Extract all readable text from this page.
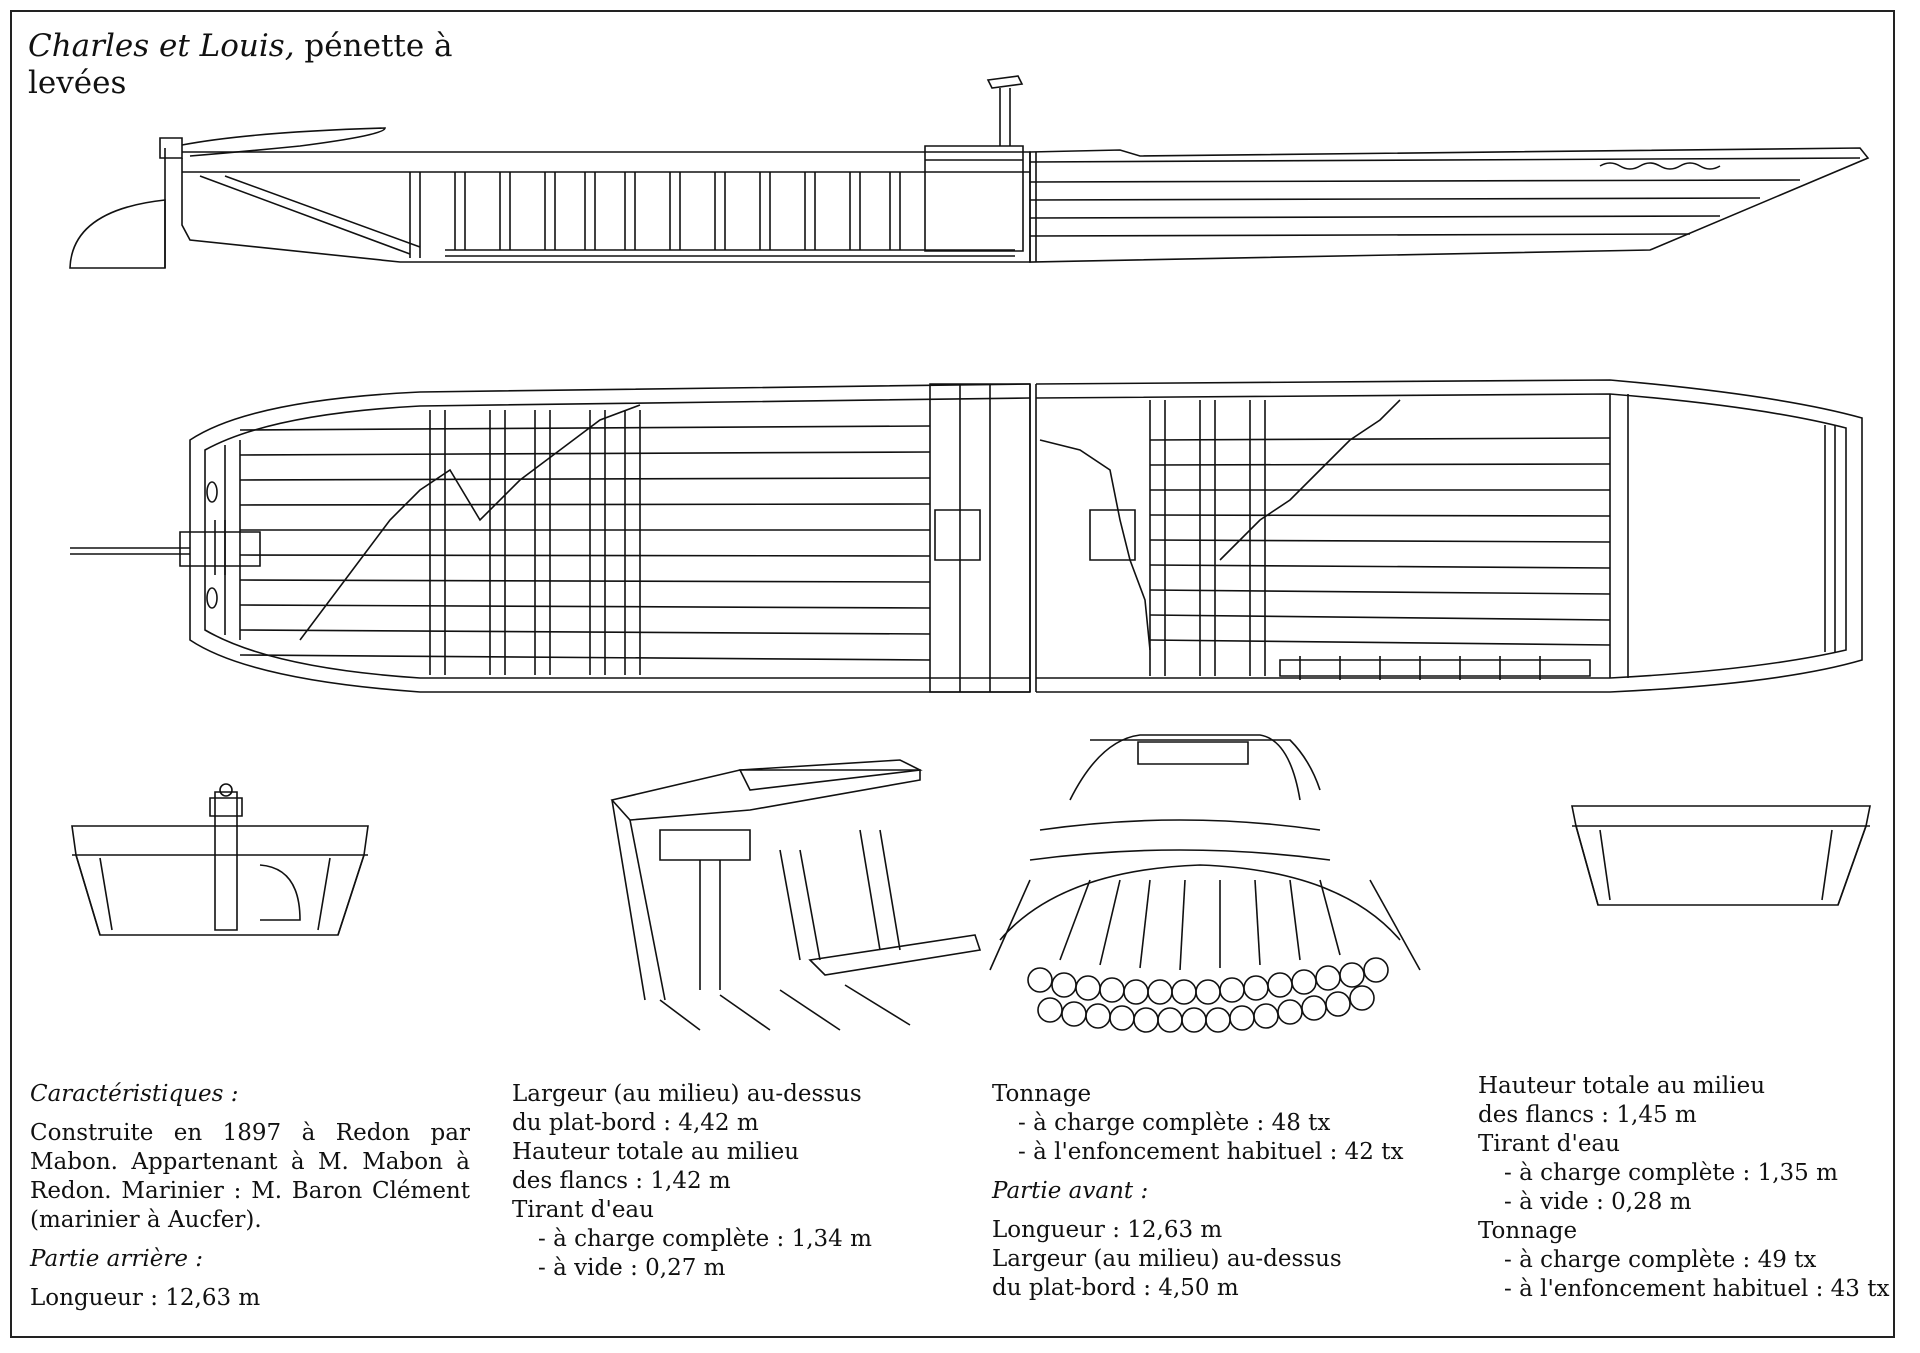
Charles et Louis, pénette à
levées

Caractéristiques :

Construite en 1897 à Redon par Mabon. Appartenant à M. Mabon à Redon. Marinier : M. Baron Clément (marinier à Aucfer).

Partie arrière :

Longueur : 12,63 m

Largeur (au milieu) au-dessus

du plat-bord : 4,42 m

Hauteur totale au milieu

des flancs : 1,42 m

Tirant d'eau

- à charge complète : 1,34 m

- à vide : 0,27 m

Tonnage

- à charge complète : 48 tx

- à l'enfoncement habituel : 42 tx

Partie avant :

Longueur : 12,63 m

Largeur (au milieu) au-dessus

du plat-bord : 4,50 m

Hauteur totale au milieu

des flancs : 1,45 m

Tirant d'eau

- à charge complète : 1,35 m

- à vide : 0,28 m

Tonnage

- à charge complète : 49 tx

- à l'enfoncement habituel : 43 tx
